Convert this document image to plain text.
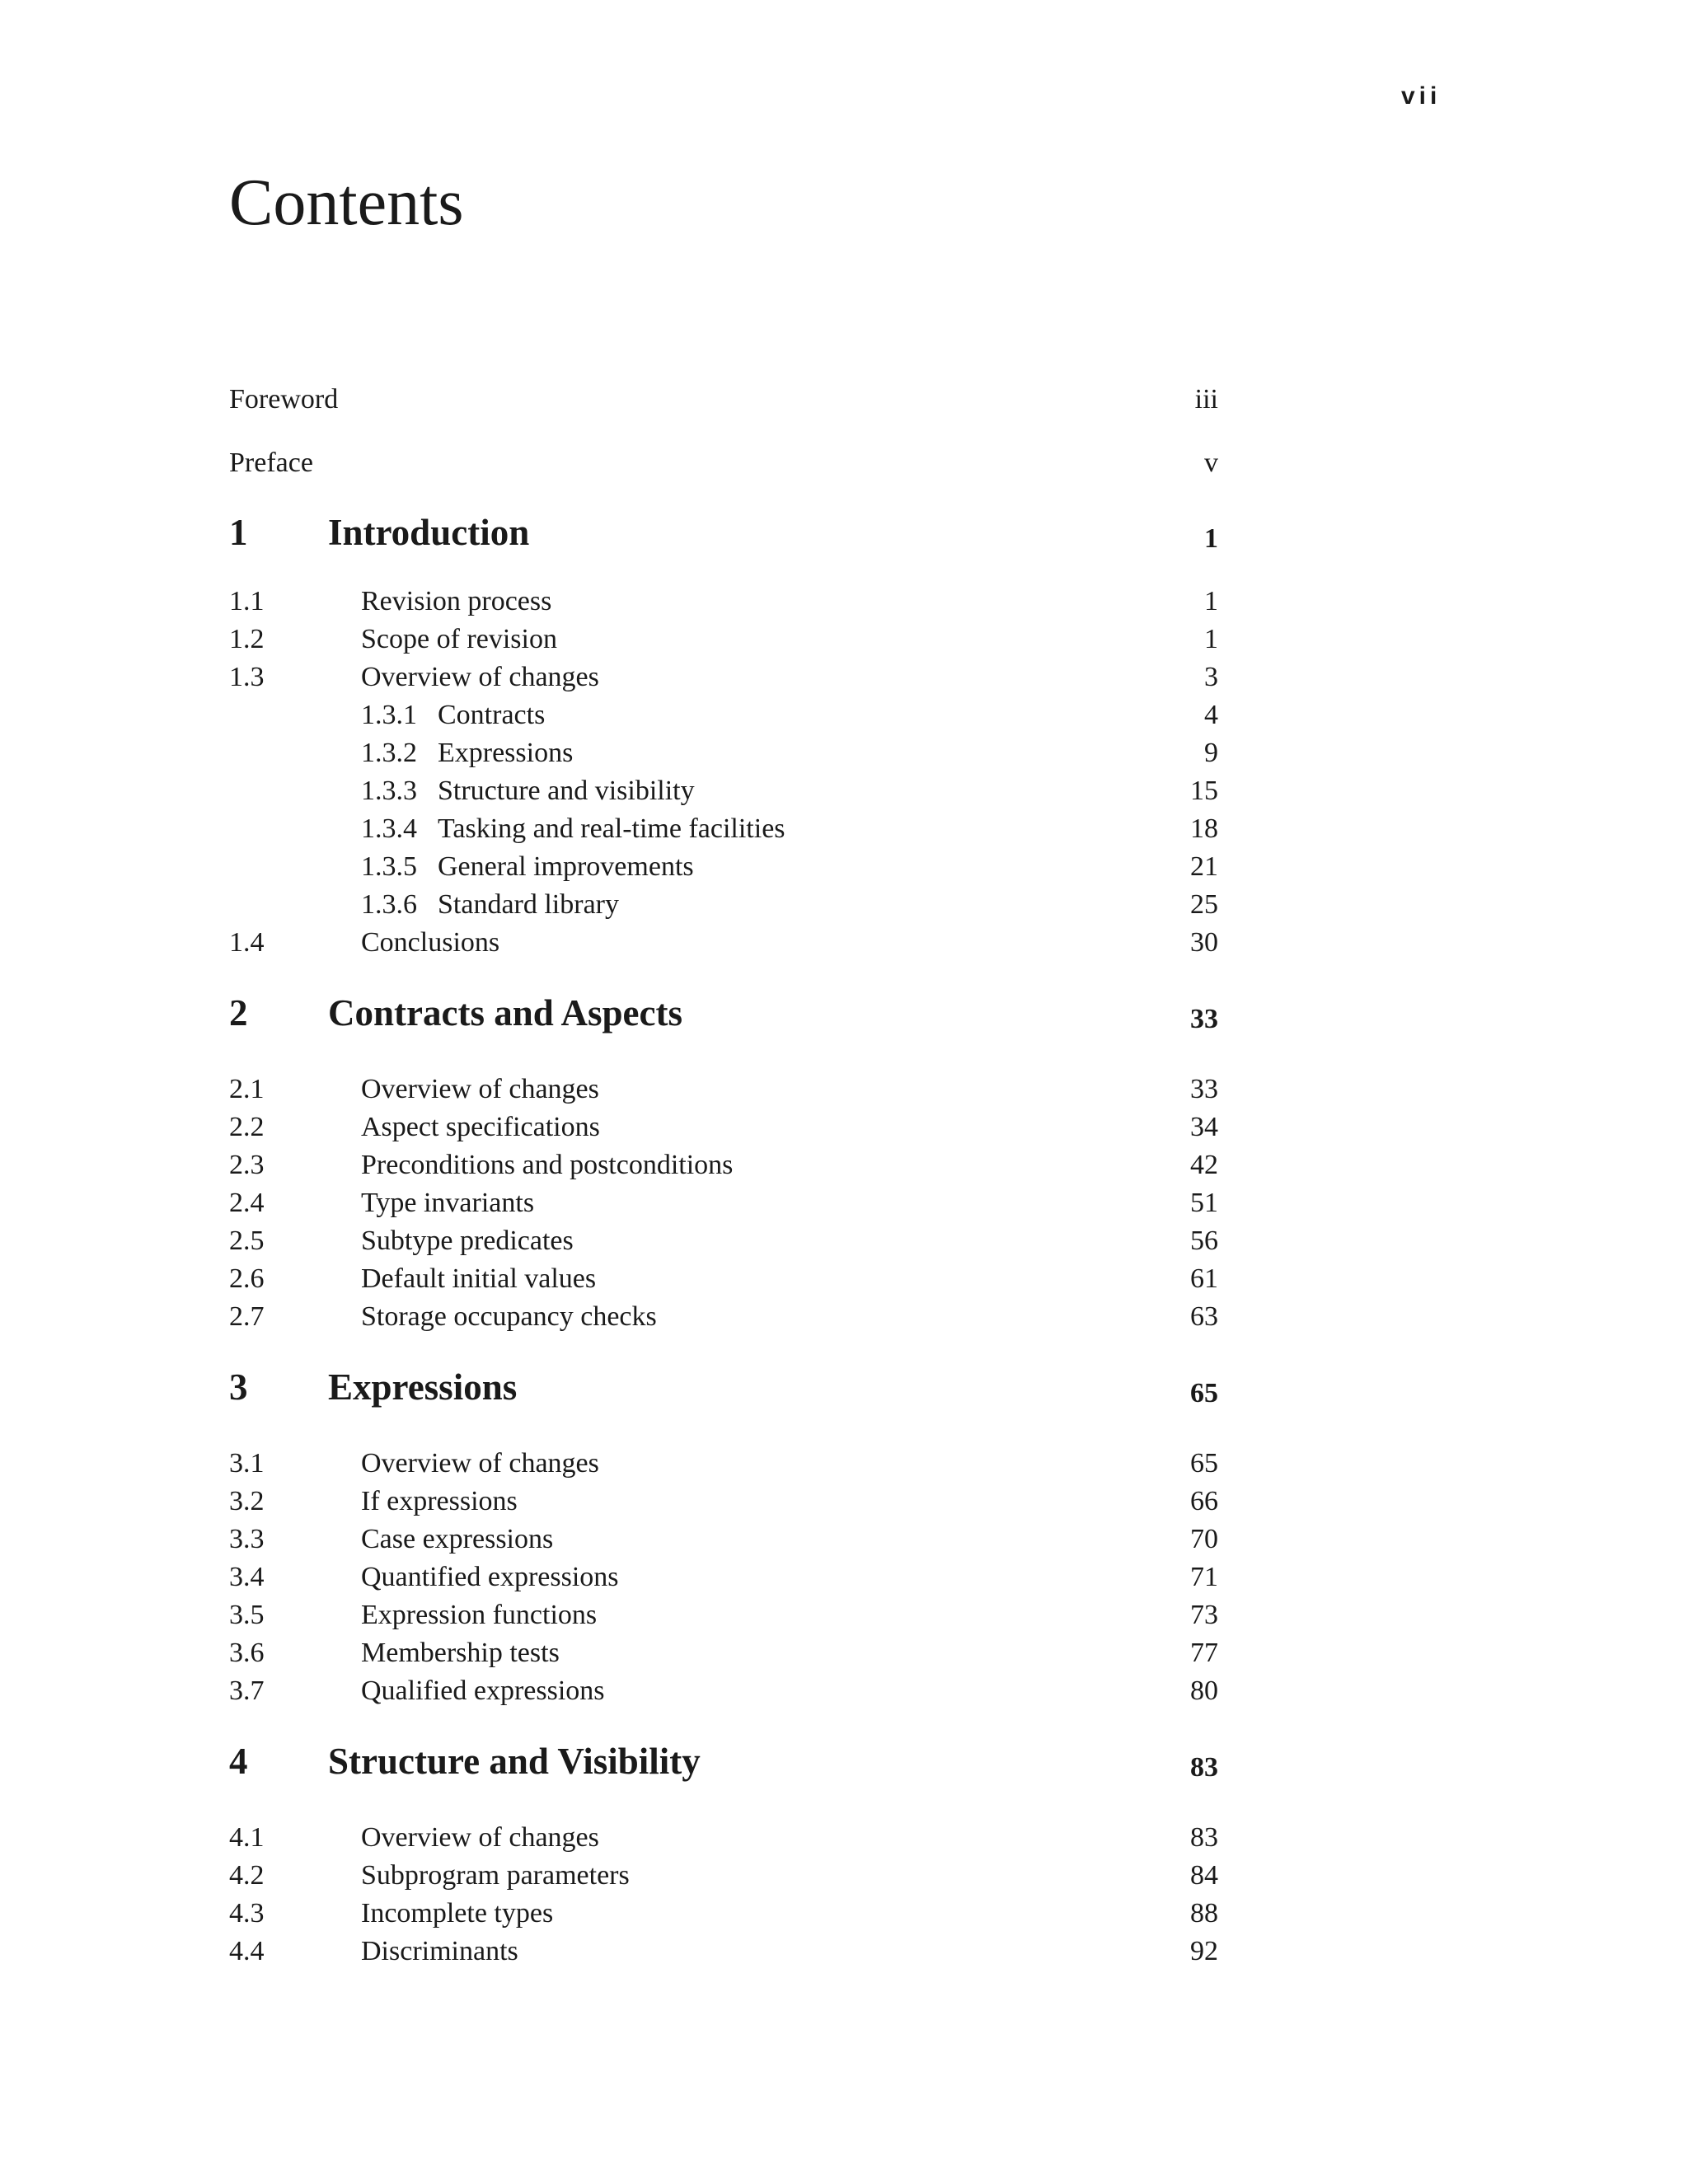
vii
Contents
Foreword	iii
Preface	v
1 Introduction	1
1.1	Revision process	1
1.2	Scope of revision	1
1.3	Overview of changes	3
1.3.1 Contracts	4
1.3.2 Expressions	9
1.3.3 Structure and visibility	15
1.3.4 Tasking and real-time facilities	18
1.3.5 General improvements	21
1.3.6 Standard library	25
1.4	Conclusions	30
2 Contracts and Aspects	33
2.1	Overview of changes	33
2.2	Aspect specifications	34
2.3	Preconditions and postconditions	42
2.4	Type invariants	51
2.5	Subtype predicates	56
2.6	Default initial values	61
2.7	Storage occupancy checks	63
3 Expressions	65
3.1	Overview of changes	65
3.2	If expressions	66
3.3	Case expressions	70
3.4	Quantified expressions	71
3.5	Expression functions	73
3.6	Membership tests	77
3.7	Qualified expressions	80
4 Structure and Visibility	83
4.1	Overview of changes	83
4.2	Subprogram parameters	84
4.3	Incomplete types	88
4.4	Discriminants	92
